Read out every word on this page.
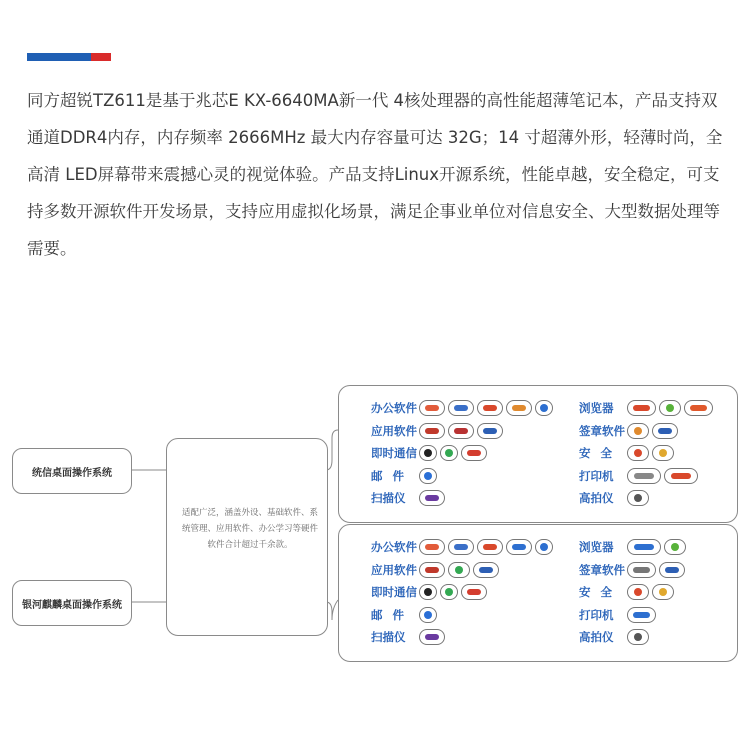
同方超锐TZ611是基于兆芯E KX-6640MA新一代 4核处理器的高性能超薄笔记本，产品支持双通道DDR4内存，内存频率 2666MHz 最大内存容量可达 32G；14 寸超薄外形，轻薄时尚，全高清 LED屏幕带来震撼心灵的视觉体验。产品支持Linux开源系统，性能卓越，安全稳定，可支持多数开源软件开发场景，支持应用虚拟化场景，满足企事业单位对信息安全、大型数据处理等需要。

统信桌面操作系统
银河麒麟桌面操作系统

适配广泛，涵盖外设、基础软件、系统管理、应用软件、办公学习等硬件软件合计超过千余款。

办公软件
应用软件
即时通信
邮 件
扫描仪
浏览器
签章软件
安 全
打印机
高拍仪
办公软件
应用软件
即时通信
邮 件
扫描仪
浏览器
签章软件
安 全
打印机
高拍仪
